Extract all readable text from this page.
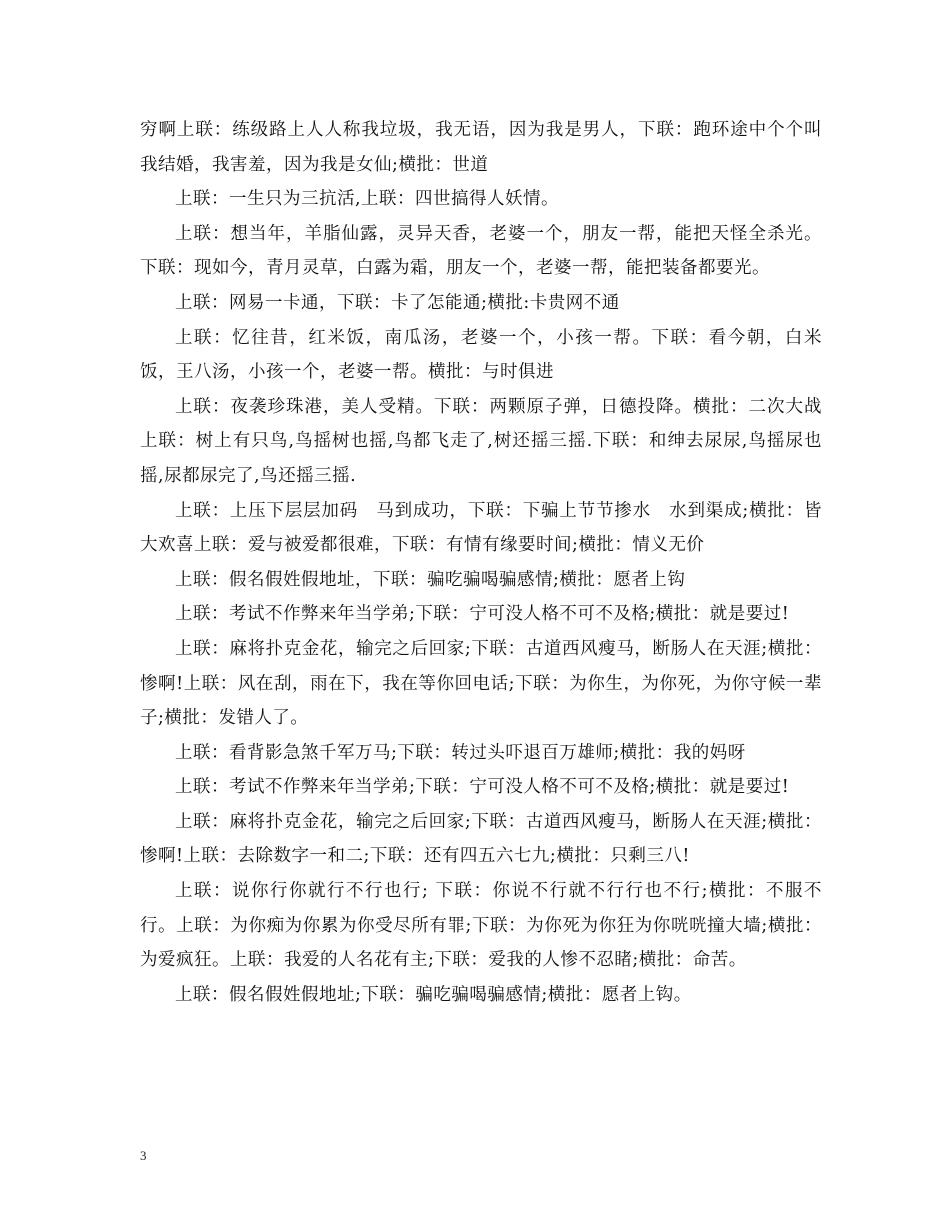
穷啊上联：练级路上人人称我垃圾，我无语，因为我是男人，下联：跑环途中个个叫我结婚，我害羞，因为我是女仙;横批：世道

上联：一生只为三抗活,上联：四世搞得人妖情。

上联：想当年，羊脂仙露，灵异天香，老婆一个，朋友一帮，能把天怪全杀光。下联：现如今，青月灵草，白露为霜，朋友一个，老婆一帮，能把装备都要光。

上联：网易一卡通，下联：卡了怎能通;横批:卡贵网不通

上联：忆往昔，红米饭，南瓜汤，老婆一个，小孩一帮。下联：看今朝，白米饭，王八汤，小孩一个，老婆一帮。横批：与时俱进

上联：夜袭珍珠港，美人受精。下联：两颗原子弹，日德投降。横批：二次大战上联：树上有只鸟,鸟摇树也摇,鸟都飞走了,树还摇三摇.下联：和绅去尿尿,鸟摇尿也摇,尿都尿完了,鸟还摇三摇.

上联：上压下层层加码　马到成功，下联：下骗上节节掺水　水到渠成;横批：皆大欢喜上联：爱与被爱都很难，下联：有情有缘要时间;横批：情义无价

上联：假名假姓假地址，下联：骗吃骗喝骗感情;横批：愿者上钩

上联：考试不作弊来年当学弟;下联：宁可没人格不可不及格;横批：就是要过!

上联：麻将扑克金花，输完之后回家;下联：古道西风瘦马，断肠人在天涯;横批：惨啊!上联：风在刮，雨在下，我在等你回电话;下联：为你生，为你死，为你守候一辈子;横批：发错人了。

上联：看背影急煞千军万马;下联：转过头吓退百万雄师;横批：我的妈呀

上联：考试不作弊来年当学弟;下联：宁可没人格不可不及格;横批：就是要过!

上联：麻将扑克金花，输完之后回家;下联：古道西风瘦马，断肠人在天涯;横批：惨啊!上联：去除数字一和二;下联：还有四五六七九;横批：只剩三八!

上联：说你行你就行不行也行; 下联：你说不行就不行行也不行;横批：不服不行。上联：为你痴为你累为你受尽所有罪;下联：为你死为你狂为你咣咣撞大墙;横批：为爱疯狂。上联：我爱的人名花有主;下联：爱我的人惨不忍睹;横批：命苦。

上联：假名假姓假地址;下联：骗吃骗喝骗感情;横批：愿者上钩。

3
